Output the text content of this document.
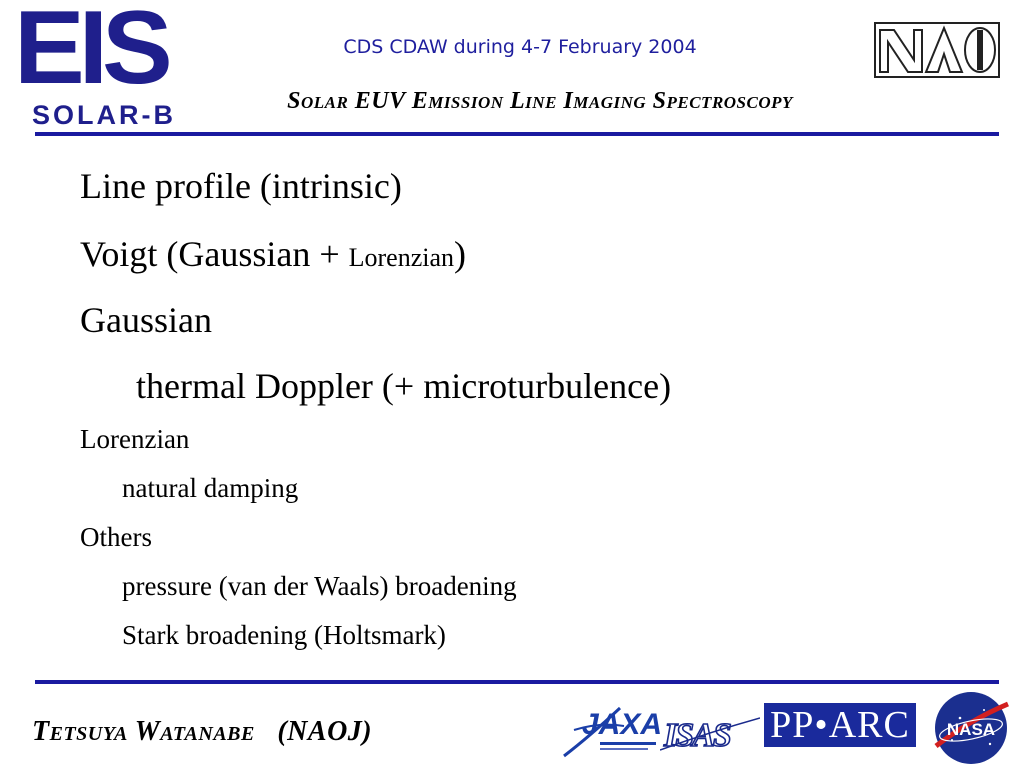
EIS
SOLAR-B
CDS CDAW during 4-7 February 2004
Solar EUV Emission Line Imaging Spectroscopy
Line profile (intrinsic)
Voigt (Gaussian + Lorenzian)
Gaussian
thermal Doppler (+ microturbulence)
Lorenzian
natural damping
Others
pressure (van der Waals) broadening
Stark broadening (Holtsmark)
Tetsuya Watanabe   (NAOJ)	JAXA ISAS PP•ARC	NASA
